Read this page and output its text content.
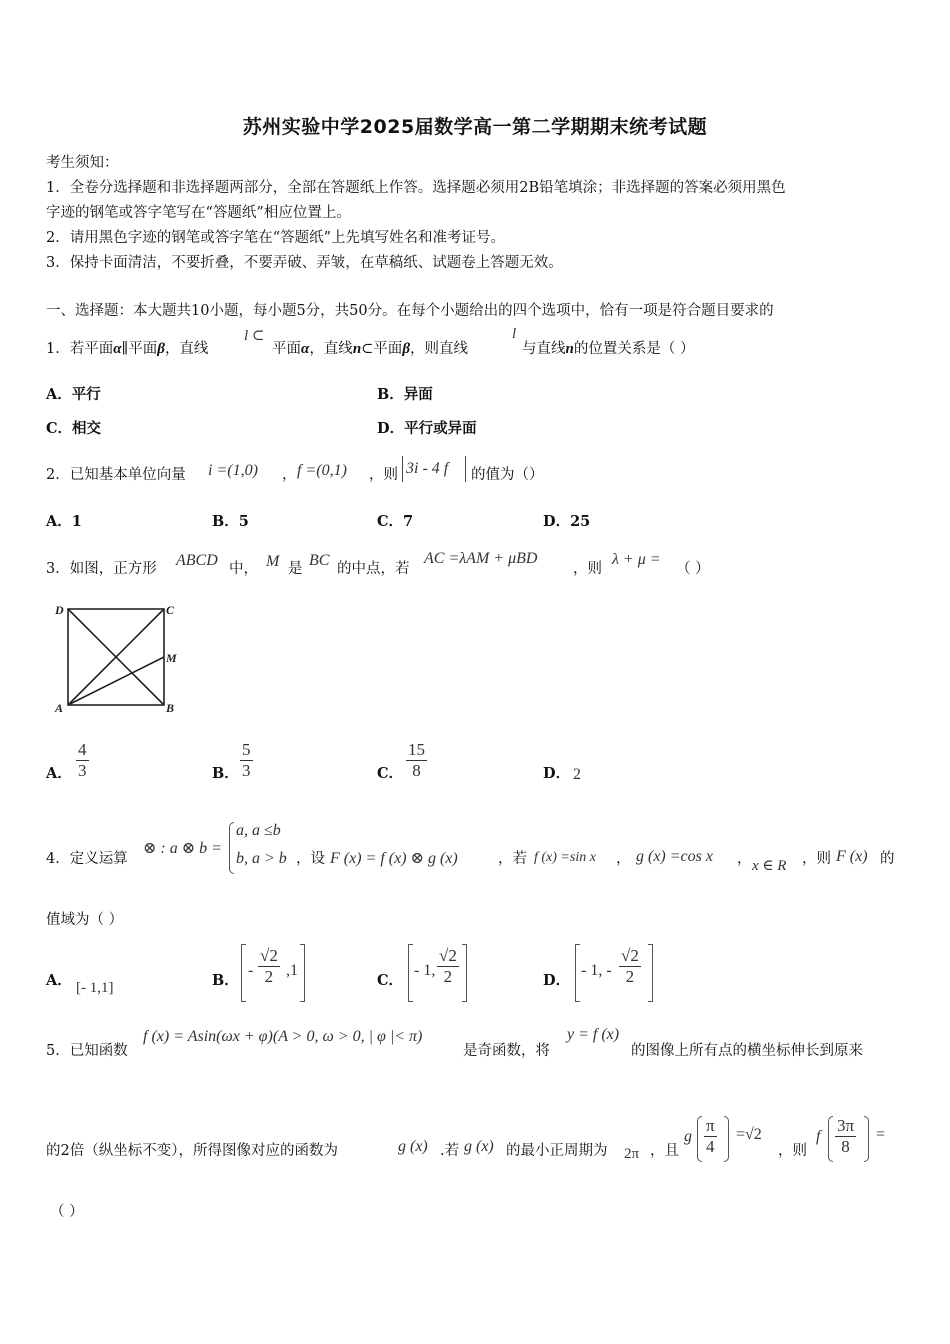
苏州实验中学2025届数学高一第二学期期末统考试题
考生须知：
1．全卷分选择题和非选择题两部分，全部在答题纸上作答。选择题必须用2B铅笔填涂；非选择题的答案必须用黑色
字迹的钢笔或答字笔写在“答题纸”相应位置上。
2．请用黑色字迹的钢笔或答字笔在“答题纸”上先填写姓名和准考证号。
3．保持卡面清洁，不要折叠，不要弄破、弄皱，在草稿纸、试题卷上答题无效。
一、选择题：本大题共10小题，每小题5分，共50分。在每个小题给出的四个选项中，恰有一项是符合题目要求的
1．若平面α∥平面β，直线
l ⊂
平面α，直线n⊂平面β，则直线
l
与直线n的位置关系是（ ）
A．平行	B．异面
C．相交	D．平行或异面
2．已知基本单位向量 i =(1,0) ， f =(0,1) ，则 3i - 4 f 的值为（）
A．1	B．5	C．7	D．25
3．如图，正方形 ABCD 中， M 是 BC 的中点，若
AC =λAM + μBD
，则
λ + μ =
（ ）
D	C
M
A	B
A． $\frac{4}{3}$	B． $\frac{5}{3}$	C． $\frac{15}{8}$	D． 2
4．定义运算
⊗ : a ⊗ b =
a, a ≤b
b, a > b ，设 F (x) = f (x) ⊗ g (x)	，若 f (x) =sin x ， g (x) =cos x ， x ∈ R ，则 F (x) 的
值域为（ ）
A． [- 1,1]	B．
- $\frac{√2}{2} ,1$
C．
- 1, $\frac{√2}{2}$	D．
- 1, - $\frac{√2}{2}$
5．已知函数
f (x) = Asin(ωx + φ)(A > 0, ω > 0, | φ |< π)
是奇函数，将
y = f (x)
的图像上所有点的横坐标伸长到原来
的2倍（纵坐标不变），所得图像对应的函数为	g (x) .若 g (x) 的最小正周期为 2π ，且
g $\frac{\pi}{4} =√2$
，则
f $\frac{3\pi}{8}$ =
（ ）
